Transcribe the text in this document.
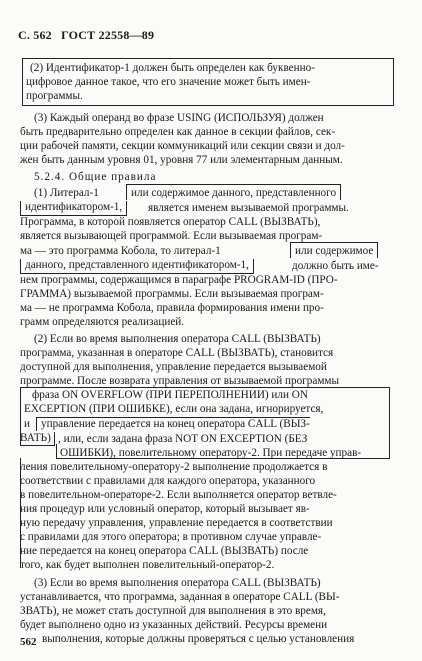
С. 562 ГОСТ 22558—89
(2) Идентификатор-1 должен быть определен как буквенно-
цифровое данное такое, что его значение может быть имен-
программы.
(3) Каждый операнд во фразе USING (ИСПОЛЬЗУЯ) должен
быть предварительно определен как данное в секции файлов, сек-
ции рабочей памяти, секции коммуникаций или секции связи и дол-
жен быть данным уровня 01, уровня 77 или элементарным данным.
5.2.4. Общие правила
(1) Литерал-1	или содержимое данного, представленного
идентификатором-1,	является именем вызываемой программы.
Программа, в которой появляется оператор CALL (ВЫЗВАТЬ),
является вызывающей программой. Если вызываемая програм-
ма — это программа Кобола, то литерал-1	или содержимое
данного, представленного идентификатором-1,	должно быть име-
нем программы, содержащимся в параграфе PROGRAM-ID (ПРО-
ГРАММА) вызываемой программы. Если вызываемая програм-
ма — не программа Кобола, правила формирования имени про-
грамм определяются реализацией.
(2) Если во время выполнения оператора CALL (ВЫЗВАТЬ)
программа, указанная в операторе CALL (ВЫЗВАТЬ), становится
доступной для выполнения, управление передается вызываемой
программе. После возврата управления от вызываемой программы
фраза ON OVERFLOW (ПРИ ПЕРЕПОЛНЕНИИ) или ON
EXCEPTION (ПРИ ОШИБКЕ), если она задана, игнорируется,
и управление передается на конец оператора CALL (ВЫЗ-
ВАТЬ) , или, если задана фраза NOT ON EXCEPTION (БЕЗ
ОШИБКИ), повелительному оператору-2. При передаче управ-
ления повелительному-оператору-2 выполнение продолжается в
соответствии с правилами для каждого оператора, указанного
в повелительном-операторе-2. Если выполняется оператор ветвле-
ния процедур или условный оператор, который вызывает яв-
ную передачу управления, управление передается в соответствии
с правилами для этого оператора; в противном случае управле-
ние передается на конец оператора CALL (ВЫЗВАТЬ) после
того, как будет выполнен повелительный-оператор-2.
(3) Если во время выполнения оператора CALL (ВЫЗВАТЬ)
устанавливается, что программа, заданная в операторе CALL (ВЫ-
ЗВАТЬ), не может стать доступной для выполнения в это время,
будет выполнено одно из указанных действий. Ресурсы времени
выполнения, которые должны проверяться с целью установления
562
